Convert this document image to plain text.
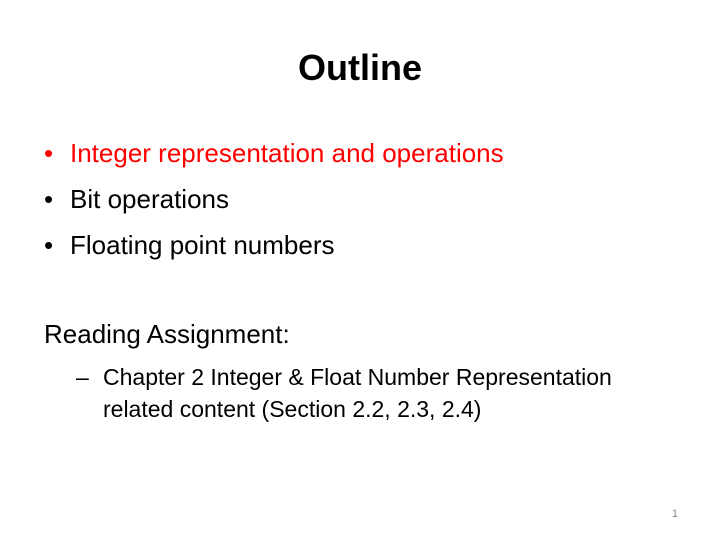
Outline
• Integer representation and operations
• Bit operations
• Floating point numbers
Reading Assignment:
– Chapter 2 Integer & Float Number Representation related content (Section 2.2, 2.3, 2.4)
1
